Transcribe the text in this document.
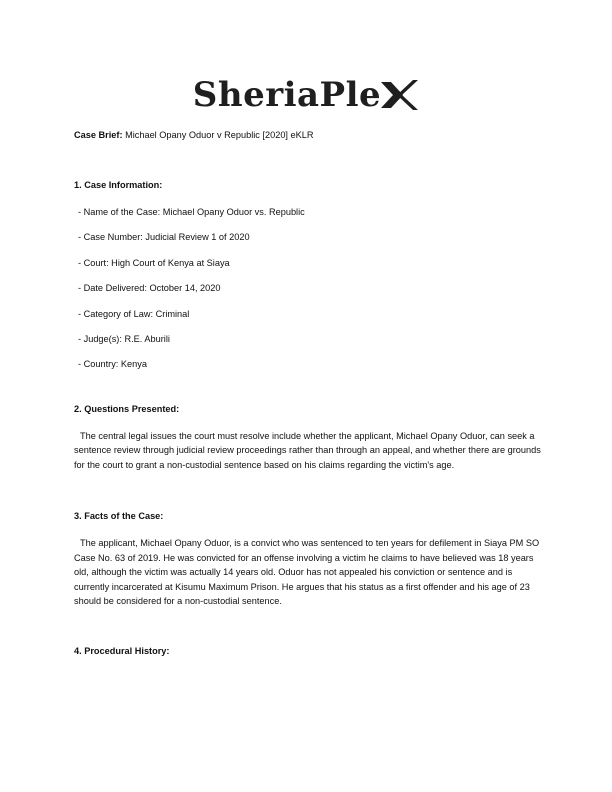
SheriaPle

Case Brief: Michael Opany Oduor v Republic [2020] eKLR

1. Case Information:

- Name of the Case: Michael Opany Oduor vs. Republic
- Case Number: Judicial Review 1 of 2020
- Court: High Court of Kenya at Siaya
- Date Delivered: October 14, 2020
- Category of Law: Criminal
- Judge(s): R.E. Aburili
- Country: Kenya

2. Questions Presented:

The central legal issues the court must resolve include whether the applicant, Michael Opany Oduor, can seek a sentence review through judicial review proceedings rather than through an appeal, and whether there are grounds for the court to grant a non-custodial sentence based on his claims regarding the victim's age.

3. Facts of the Case:

The applicant, Michael Opany Oduor, is a convict who was sentenced to ten years for defilement in Siaya PM SO Case No. 63 of 2019. He was convicted for an offense involving a victim he claims to have believed was 18 years old, although the victim was actually 14 years old. Oduor has not appealed his conviction or sentence and is currently incarcerated at Kisumu Maximum Prison. He argues that his status as a first offender and his age of 23 should be considered for a non-custodial sentence.

4. Procedural History:
